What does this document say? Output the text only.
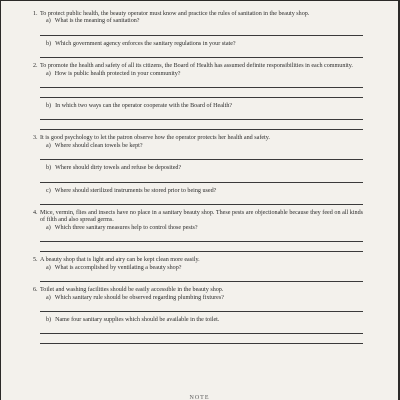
1. To protect public health, the beauty operator must know and practice the rules of sanitation in the beauty shop.
a) What is the meaning of sanitation?
b) Which government agency enforces the sanitary regulations in your state?
2. To promote the health and safety of all its citizens, the Board of Health has assumed definite responsibilities in each community.
a) How is public health protected in your community?
b) In which two ways can the operator cooperate with the Board of Health?
3. It is good psychology to let the patron observe how the operator protects her health and safety.
a) Where should clean towels be kept?
b) Where should dirty towels and refuse be deposited?
c) Where should sterilized instruments be stored prior to being used?
4. Mice, vermin, flies and insects have no place in a sanitary beauty shop. These pests are objectionable because they feed on all kinds of filth and also spread germs.
a) Which three sanitary measures help to control those pests?
5. A beauty shop that is light and airy can be kept clean more easily.
a) What is accomplished by ventilating a beauty shop?
6. Toilet and washing facilities should be easily accessible in the beauty shop.
a) Which sanitary rule should be observed regarding plumbing fixtures?
b) Name four sanitary supplies which should be available in the toilet.
NOTE
